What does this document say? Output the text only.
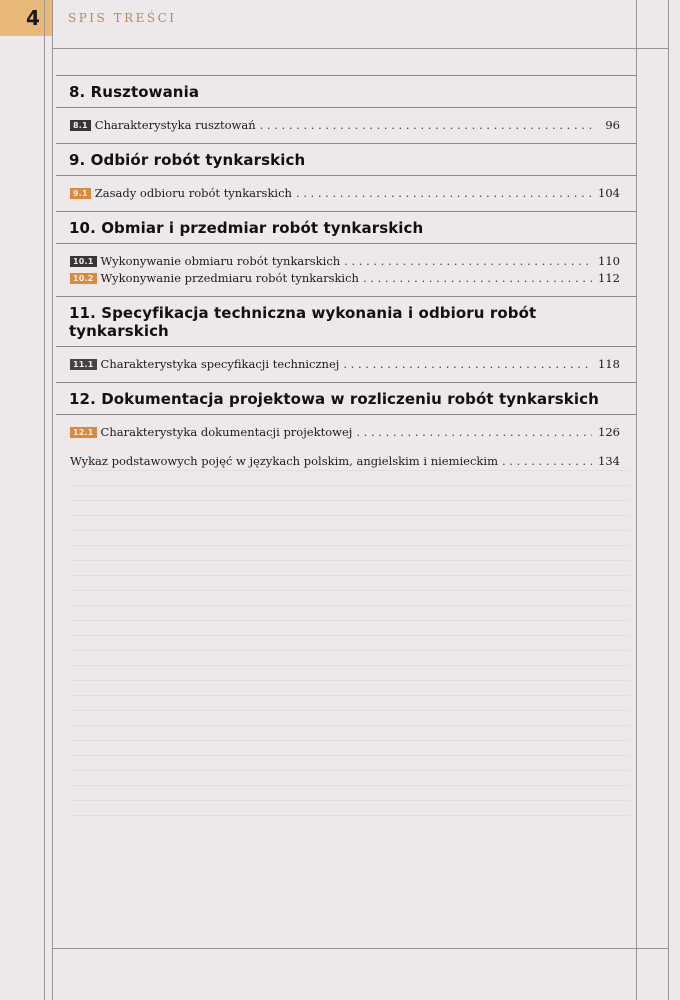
4 SPIS TREŚCI
8. Rusztowania
8.1 Charakterystyka rusztowań . . .	96
9. Odbiór robót tynkarskich
9.1 Zasady odbioru robót tynkarskich . . .	104
10. Obmiar i przedmiar robót tynkarskich
10.1 Wykonywanie obmiaru robót tynkarskich . . .	110
10.2 Wykonywanie przedmiaru robót tynkarskich . . .	112
11. Specyfikacja techniczna wykonania i odbioru robót tynkarskich
11.1 Charakterystyka specyfikacji technicznej . . .	118
12. Dokumentacja projektowa w rozliczeniu robót tynkarskich
12.1 Charakterystyka dokumentacji projektowej . . .	126
Wykaz podstawowych pojęć w językach polskim, angielskim i niemieckim . . .	134
